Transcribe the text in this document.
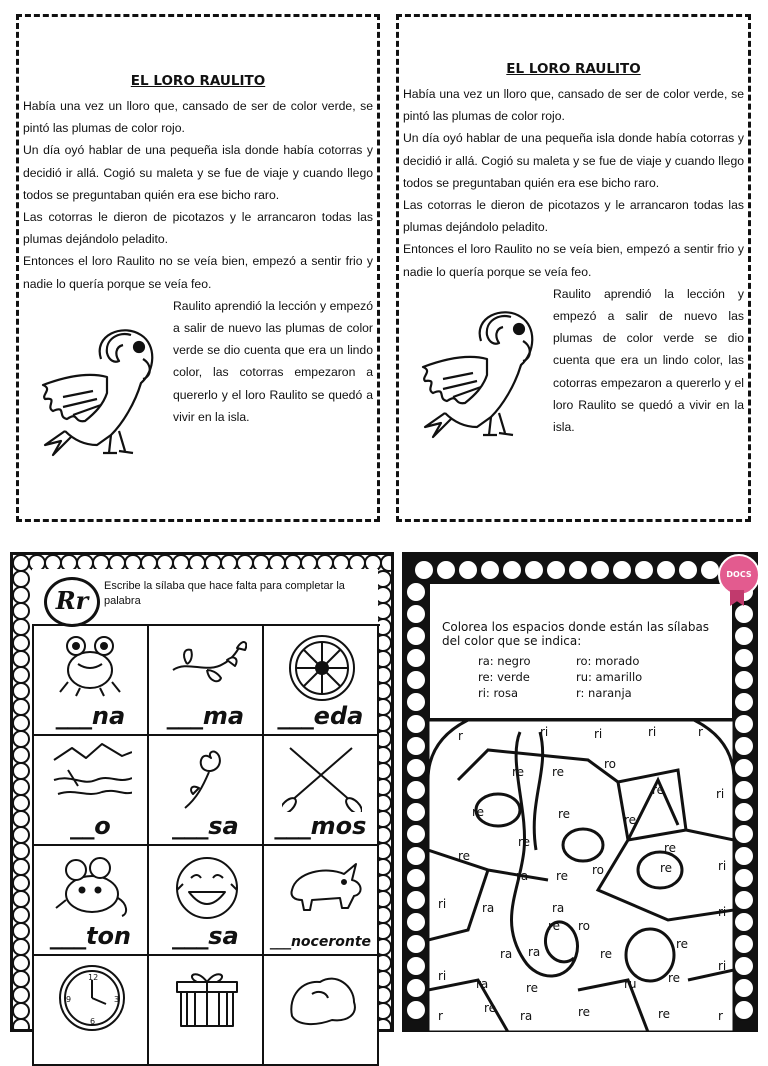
EL LORO RAULITO

Había una vez un lloro que, cansado de ser de color verde, se pintó las plumas de color rojo.

Un día oyó hablar de una pequeña isla donde había cotorras y decidió ir allá. Cogió su maleta y se fue de viaje y cuando llego todos se preguntaban quién era ese bicho raro.

Las cotorras le dieron de picotazos y le arrancaron todas las plumas dejándolo peladito.

Entonces el loro Raulito no se veía bien, empezó a sentir frio y nadie lo quería porque se veía feo.

Raulito aprendió la lección y empezó a salir de nuevo las plumas de color verde se dio cuenta que era un lindo color, las cotorras empezaron a quererlo y el loro Raulito se quedó a vivir en la isla.

EL LORO RAULITO

Había una vez un lloro que, cansado de ser de color verde, se pintó las plumas de color rojo.

Un día oyó hablar de una pequeña isla donde había cotorras y decidió ir allá. Cogió su maleta y se fue de viaje y cuando llego todos se preguntaban quién era ese bicho raro.

Las cotorras le dieron de picotazos y le arrancaron todas las plumas dejándolo peladito.

Entonces el loro Raulito no se veía bien, empezó a sentir frio y nadie lo quería porque se veía feo.

Raulito aprendió la lección y empezó a salir de nuevo las plumas de color verde se dio cuenta que era un lindo color, las cotorras empezaron a quererlo y el loro Raulito se quedó a vivir en la isla.

Rr	Escribe la sílaba que hace falta para completar la palabra
___na	___ma	___eda
__o	___sa	___mos
___ton	___sa	___noceronte
12
3
6
9
Colorea los espacios donde están las sílabas del color que se indica:
ra: negro	ro: morado
re: verde	ru: amarillo
ri: rosa	r: naranja
r	ri	ri	ri	r
re re
ro
re	ri
re
re
re	re
re
re
ra re ro	re	ri
ri	ra	ra
ro
ri
ra ra
re
re
re
ri
ra	re	ru	re
ri
r
re
ra	re	re	r
DOCS
